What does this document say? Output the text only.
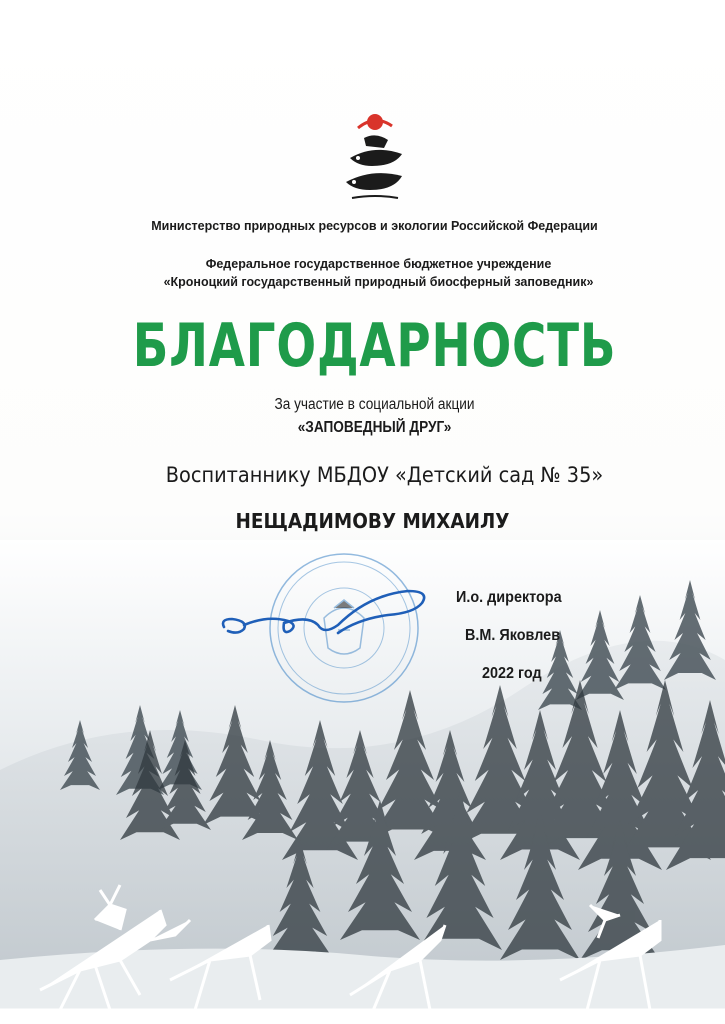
Министерство природных ресурсов и экологии Российской Федерации
Федеральное государственное бюджетное учреждение
«Кроноцкий государственный природный биосферный заповедник»
БЛАГОДАРНОСТЬ
За участие в социальной акции
«ЗАПОВЕДНЫЙ ДРУГ»
Воспитаннику МБДОУ «Детский сад № 35»
НЕЩАДИМОВУ МИХАИЛУ
И.о. директора
В.М. Яковлев
2022 год
